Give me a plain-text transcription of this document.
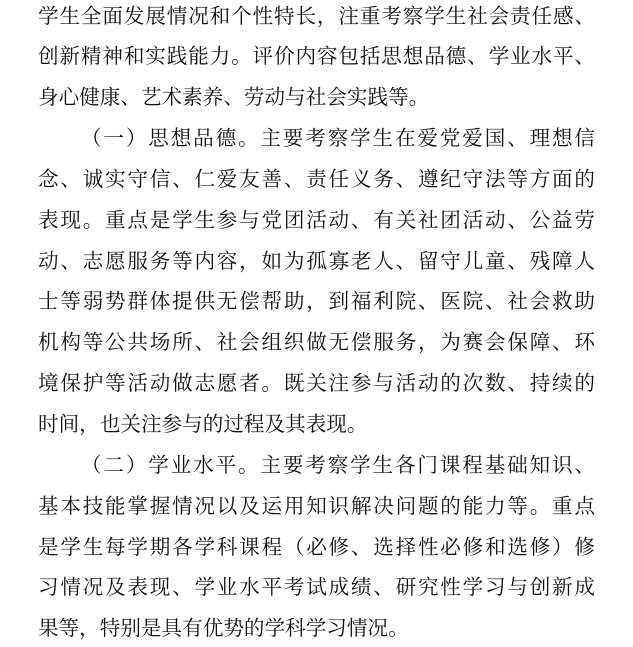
学生全面发展情况和个性特长，注重考察学生社会责任感、
创新精神和实践能力。评价内容包括思想品德、学业水平、
身心健康、艺术素养、劳动与社会实践等。
（一）思想品德。主要考察学生在爱党爱国、理想信
念、诚实守信、仁爱友善、责任义务、遵纪守法等方面的
表现。重点是学生参与党团活动、有关社团活动、公益劳
动、志愿服务等内容，如为孤寡老人、留守儿童、残障人
士等弱势群体提供无偿帮助，到福利院、医院、社会救助
机构等公共场所、社会组织做无偿服务，为赛会保障、环
境保护等活动做志愿者。既关注参与活动的次数、持续的
时间，也关注参与的过程及其表现。
（二）学业水平。主要考察学生各门课程基础知识、
基本技能掌握情况以及运用知识解决问题的能力等。重点
是学生每学期各学科课程（必修、选择性必修和选修）修
习情况及表现、学业水平考试成绩、研究性学习与创新成
果等，特别是具有优势的学科学习情况。
